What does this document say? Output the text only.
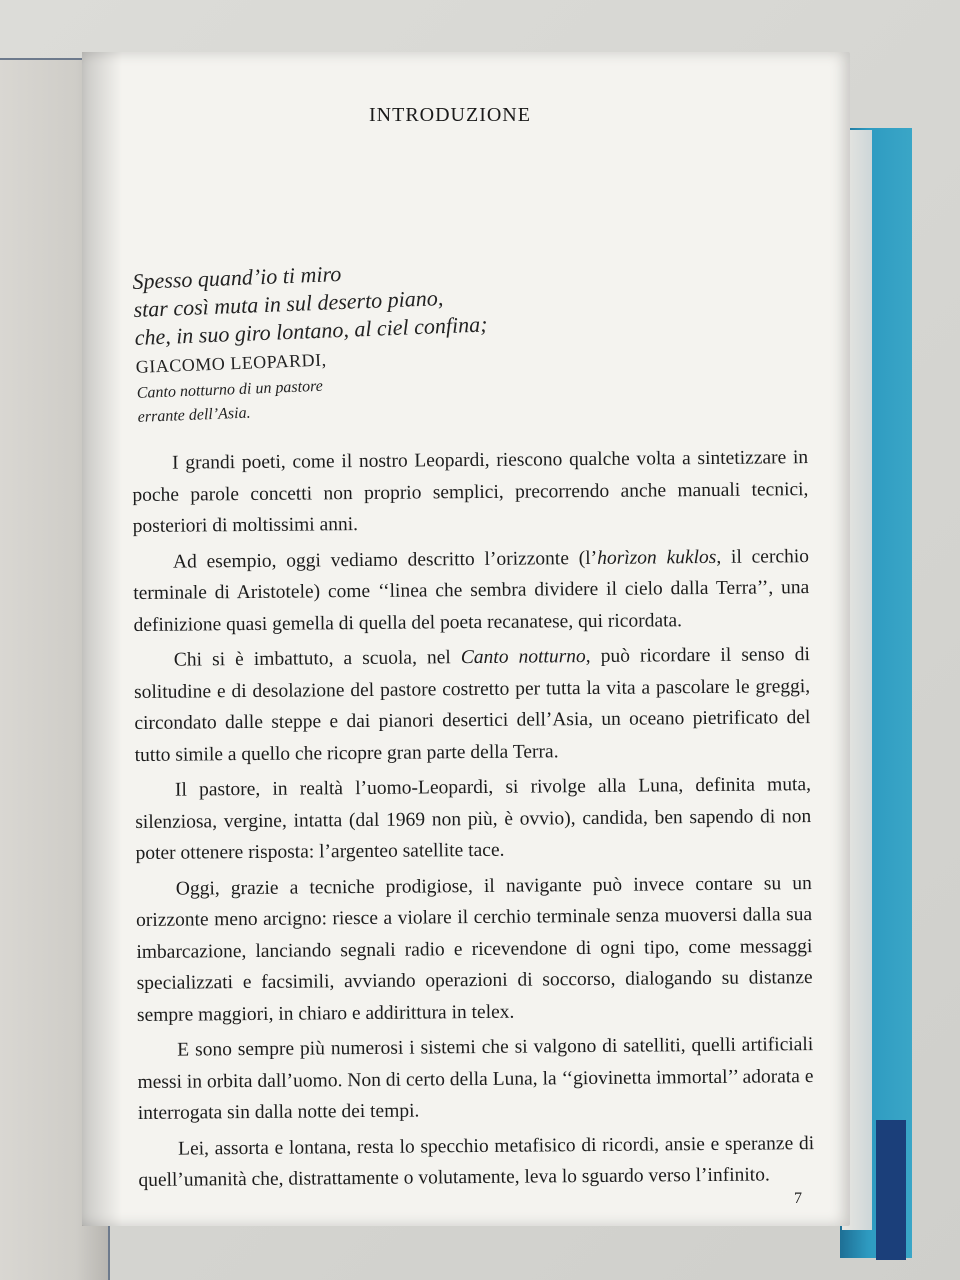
INTRODUZIONE

Spesso quand’io ti miro

star così muta in sul deserto piano,

che, in suo giro lontano, al ciel confina;

GIACOMO LEOPARDI,

Canto notturno di un pastore

errante dell’Asia.

I grandi poeti, come il nostro Leopardi, riescono qualche volta a sintetizzare in poche parole concetti non proprio semplici, precorrendo anche manuali tecnici, posteriori di moltissimi anni.

Ad esempio, oggi vediamo descritto l’orizzonte (l’horìzon kuklos, il cerchio terminale di Aristotele) come ‘‘linea che sembra dividere il cielo dalla Terra’’, una definizione quasi gemella di quella del poeta recanatese, qui ricordata.

Chi si è imbattuto, a scuola, nel Canto notturno, può ricordare il senso di solitudine e di desolazione del pastore costretto per tutta la vita a pascolare le greggi, circondato dalle steppe e dai pianori desertici dell’Asia, un oceano pietrificato del tutto simile a quello che ricopre gran parte della Terra.

Il pastore, in realtà l’uomo-Leopardi, si rivolge alla Luna, definita muta, silenziosa, vergine, intatta (dal 1969 non più, è ovvio), candida, ben sapendo di non poter ottenere risposta: l’argenteo satellite tace.

Oggi, grazie a tecniche prodigiose, il navigante può invece contare su un orizzonte meno arcigno: riesce a violare il cerchio terminale senza muoversi dalla sua imbarcazione, lanciando segnali radio e ricevendone di ogni tipo, come messaggi specializzati e facsimili, avviando operazioni di soccorso, dialogando su distanze sempre maggiori, in chiaro e addirittura in telex.

E sono sempre più numerosi i sistemi che si valgono di satelliti, quelli artificiali messi in orbita dall’uomo. Non di certo della Luna, la ‘‘giovinetta immortal’’ adorata e interrogata sin dalla notte dei tempi.

Lei, assorta e lontana, resta lo specchio metafisico di ricordi, ansie e speranze di quell’umanità che, distrattamente o volutamente, leva lo sguardo verso l’infinito.

7
